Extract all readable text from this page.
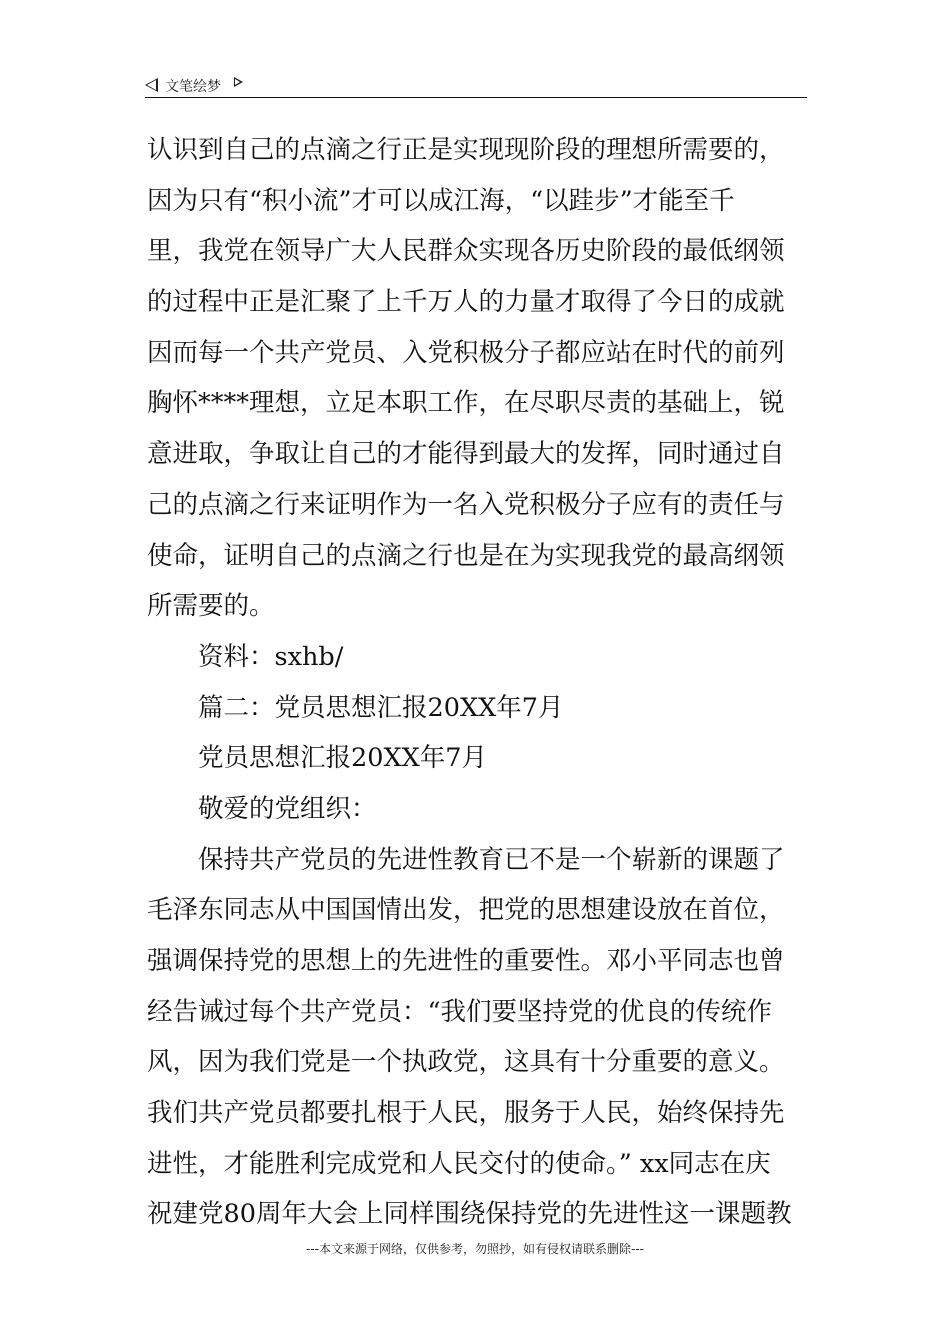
文笔绘梦
认识到自己的点滴之行正是实现现阶段的理想所需要的，
因为只有“积小流”才可以成江海，“以跬步”才能至千
里，我党在领导广大人民群众实现各历史阶段的最低纲领
的过程中正是汇聚了上千万人的力量才取得了今日的成就
因而每一个共产党员、入党积极分子都应站在时代的前列
胸怀****理想，立足本职工作，在尽职尽责的基础上，锐
意进取，争取让自己的才能得到最大的发挥，同时通过自
己的点滴之行来证明作为一名入党积极分子应有的责任与
使命，证明自己的点滴之行也是在为实现我党的最高纲领
所需要的。
资料：sxhb/
篇二：党员思想汇报20XX年7月
党员思想汇报20XX年7月
敬爱的党组织：
保持共产党员的先进性教育已不是一个崭新的课题了
毛泽东同志从中国国情出发，把党的思想建设放在首位，
强调保持党的思想上的先进性的重要性。邓小平同志也曾
经告诫过每个共产党员：“我们要坚持党的优良的传统作
风，因为我们党是一个执政党，这具有十分重要的意义。
我们共产党员都要扎根于人民，服务于人民，始终保持先
进性，才能胜利完成党和人民交付的使命。” xx同志在庆
祝建党80周年大会上同样围绕保持党的先进性这一课题教
---本文来源于网络，仅供参考，勿照抄，如有侵权请联系删除---
